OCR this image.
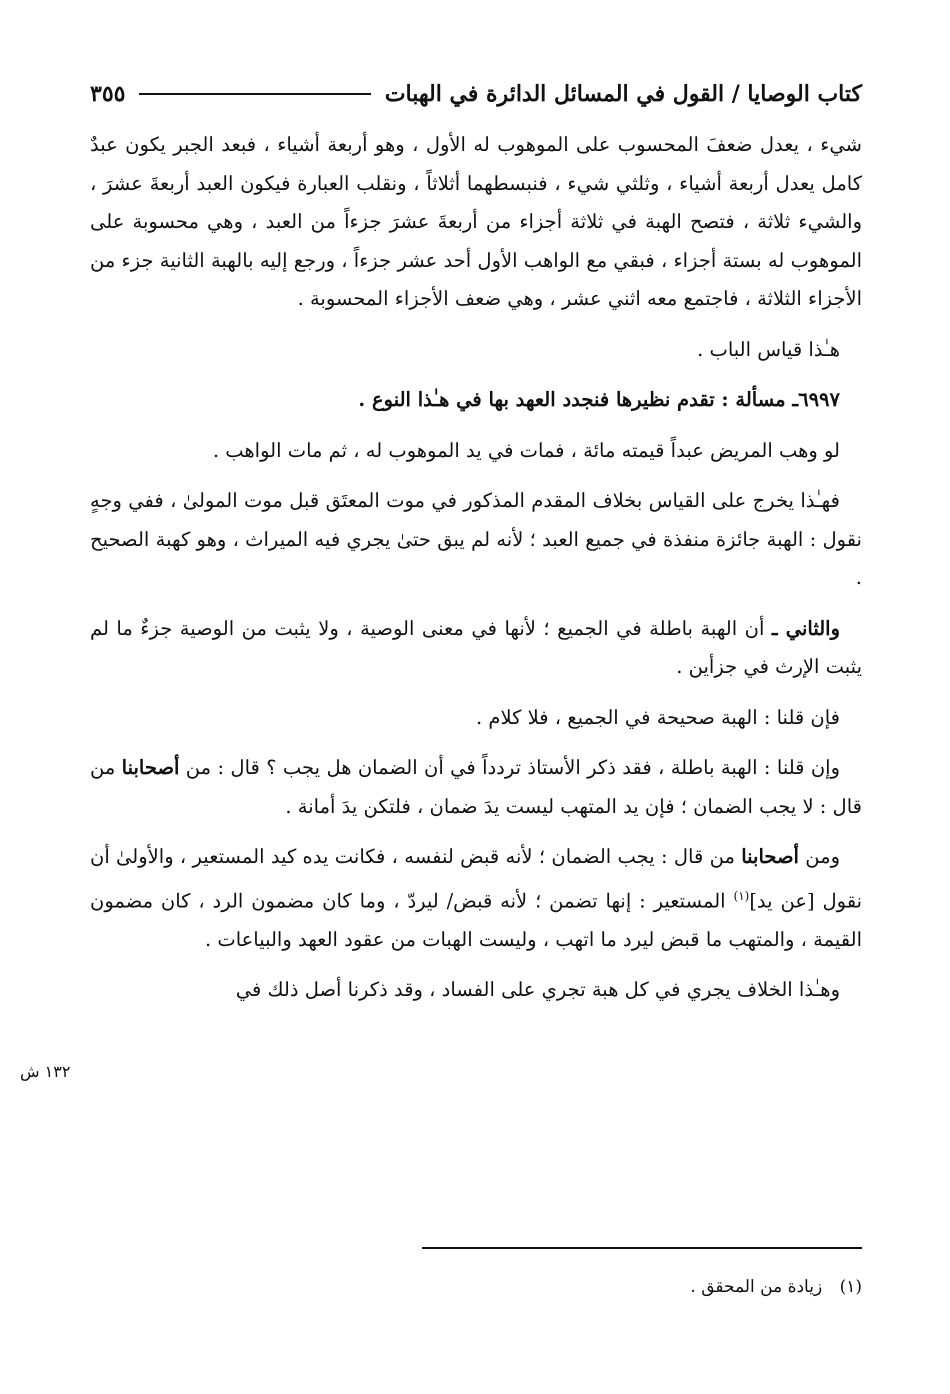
كتاب الوصايا / القول في المسائل الدائرة في الهبات
٣٥٥

شيء ، يعدل ضعفَ المحسوب على الموهوب له الأول ، وهو أربعة أشياء ، فبعد الجبر يكون عبدٌ كامل يعدل أربعة أشياء ، وثلثي شيء ، فنبسطهما أثلاثاً ، ونقلب العبارة فيكون العبد أربعةَ عشرَ ، والشيء ثلاثة ، فتصح الهبة في ثلاثة أجزاء من أربعةَ عشرَ جزءاً من العبد ، وهي محسوبة على الموهوب له بستة أجزاء ، فبقي مع الواهب الأول أحد عشر جزءاً ، ورجع إليه بالهبة الثانية جزء من الأجزاء الثلاثة ، فاجتمع معه اثني عشر ، وهي ضعف الأجزاء المحسوبة .

هـٰذا قياس الباب .

٦٩٩٧ـ مسألة : تقدم نظيرها فنجدد العهد بها في هـٰذا النوع .

لو وهب المريض عبداً قيمته مائة ، فمات في يد الموهوب له ، ثم مات الواهب .

فهـٰذا يخرج على القياس بخلاف المقدم المذكور في موت المعتَق قبل موت المولىٰ ، ففي وجهٍ نقول : الهبة جائزة منفذة في جميع العبد ؛ لأنه لم يبق حتىٰ يجري فيه الميراث ، وهو كهبة الصحيح .

والثاني ـ أن الهبة باطلة في الجميع ؛ لأنها في معنى الوصية ، ولا يثبت من الوصية جزءٌ ما لم يثبت الإرث في جزأين .

فإن قلنا : الهبة صحيحة في الجميع ، فلا كلام .

وإن قلنا : الهبة باطلة ، فقد ذكر الأستاذ تردداً في أن الضمان هل يجب ؟ قال : من أصحابنا من قال : لا يجب الضمان ؛ فإن يد المتهب ليست يدَ ضمان ، فلتكن يدَ أمانة .

ومن أصحابنا من قال : يجب الضمان ؛ لأنه قبض لنفسه ، فكانت يده كيد المستعير ، والأولىٰ أن نقول [عن يد]$^{(١)}$ المستعير : إنها تضمن ؛ لأنه قبض/ ليردّ ، وما كان مضمون الرد ، كان مضمون القيمة ، والمتهب ما قبض ليرد ما اتهب ، وليست الهبات من عقود العهد والبياعات .

وهـٰذا الخلاف يجري في كل هبة تجري على الفساد ، وقد ذكرنا أصل ذلك في

١٣٢ ش
(١) زيادة من المحقق .
